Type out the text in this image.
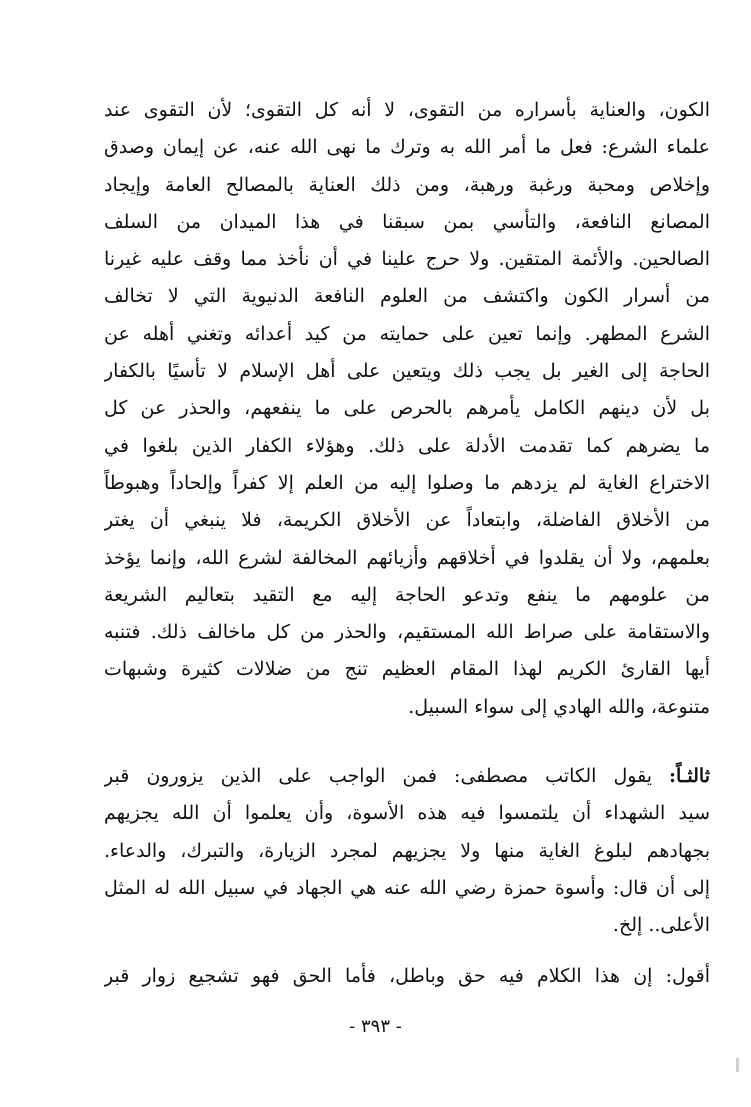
الكون، والعناية بأسراره من التقوى، لا أنه كل التقوى؛ لأن التقوى عند
علماء الشرع: فعل ما أمر الله به وترك ما نهى الله عنه، عن إيمان وصدق
وإخلاص ومحبة ورغبة ورهبة، ومن ذلك العناية بالمصالح العامة وإيجاد
المصانع النافعة، والتأسي بمن سبقنا في هذا الميدان من السلف
الصالحين. والأئمة المتقين. ولا حرج علينا في أن نأخذ مما وقف عليه غيرنا
من أسرار الكون واكتشف من العلوم النافعة الدنيوية التي لا تخالف
الشرع المطهر. وإنما تعين على حمايته من كيد أعدائه وتغني أهله عن
الحاجة إلى الغير بل يجب ذلك ويتعين على أهل الإسلام لا تأسيًا بالكفار
بل لأن دينهم الكامل يأمرهم بالحرص على ما ينفعهم، والحذر عن كل
ما يضرهم كما تقدمت الأدلة على ذلك. وهؤلاء الكفار الذين بلغوا في
الاختراع الغاية لم يزدهم ما وصلوا إليه من العلم إلا كفراً وإلحاداً وهبوطاً
من الأخلاق الفاضلة، وابتعاداً عن الأخلاق الكريمة، فلا ينبغي أن يغتر
بعلمهم، ولا أن يقلدوا في أخلاقهم وأزيائهم المخالفة لشرع الله، وإنما يؤخذ
من علومهم ما ينفع وتدعو الحاجة إليه مع التقيد بتعاليم الشريعة
والاستقامة على صراط الله المستقيم، والحذر من كل ماخالف ذلك. فتنبه
أيها القارئ الكريم لهذا المقام العظيم تنج من ضلالات كثيرة وشبهات
متنوعة، والله الهادي إلى سواء السبيل.
ثالثـاً: يقول الكاتب مصطفى: فمن الواجب على الذين يزورون قبر
سيد الشهداء أن يلتمسوا فيه هذه الأسوة، وأن يعلموا أن الله يجزيهم
بجهادهم لبلوغ الغاية منها ولا يجزيهم لمجرد الزيارة، والتبرك، والدعاء.
إلى أن قال: وأسوة حمزة رضي الله عنه هي الجهاد في سبيل الله له المثل
الأعلى.. إلخ.
أقول: إن هذا الكلام فيه حق وباطل، فأما الحق فهو تشجيع زوار قبر
- ٣٩٣ -
